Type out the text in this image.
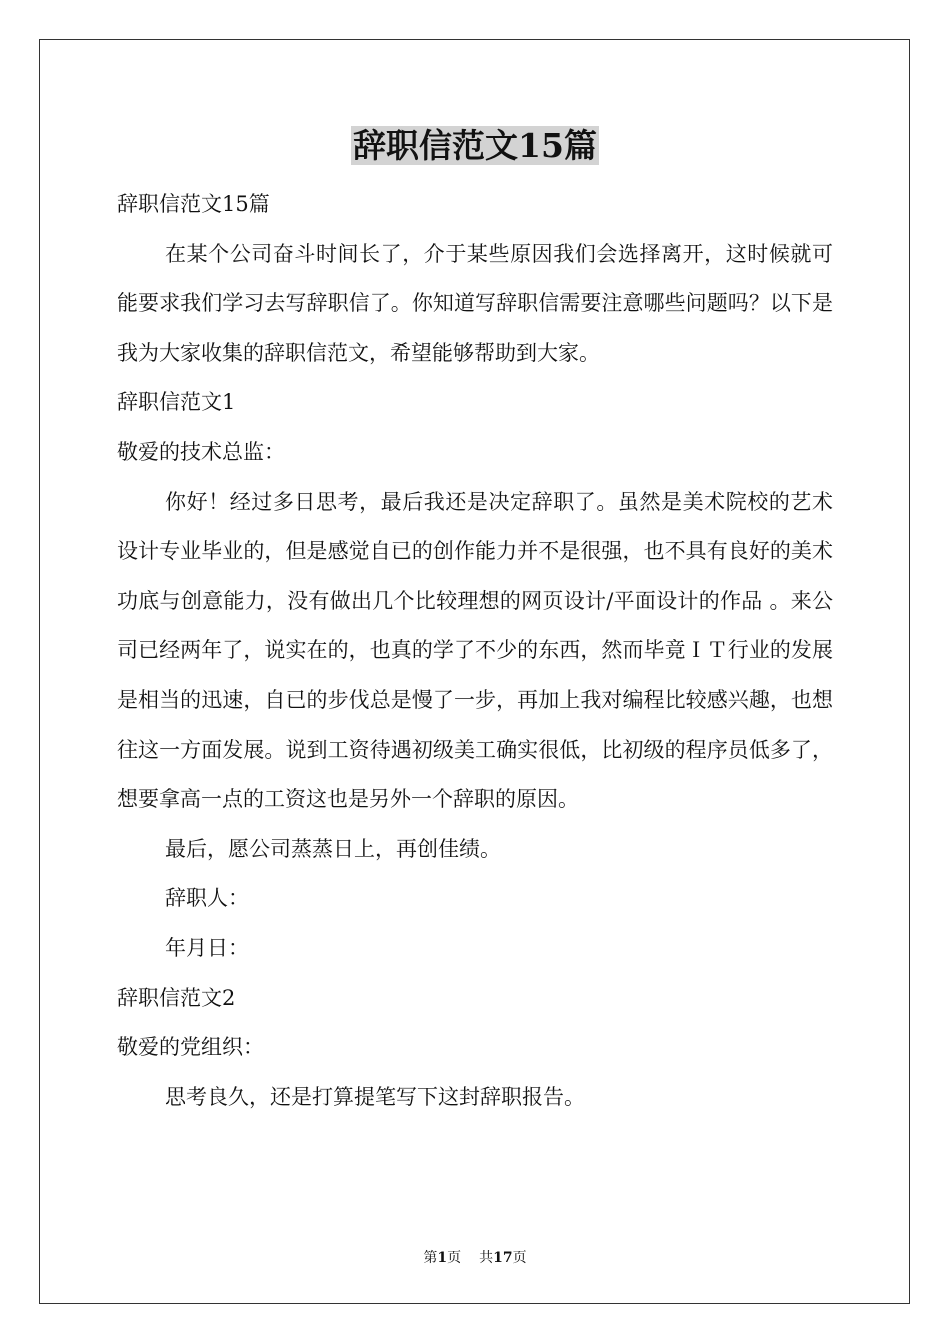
辞职信范文15篇

辞职信范文15篇

在某个公司奋斗时间长了，介于某些原因我们会选择离开，这时候就可能要求我们学习去写辞职信了。你知道写辞职信需要注意哪些问题吗？以下是我为大家收集的辞职信范文，希望能够帮助到大家。

辞职信范文1

敬爱的技术总监：

你好！经过多日思考，最后我还是决定辞职了。虽然是美术院校的艺术设计专业毕业的，但是感觉自已的创作能力并不是很强，也不具有良好的美术功底与创意能力，没有做出几个比较理想的网页设计/平面设计的作品 。来公司已经两年了，说实在的，也真的学了不少的东西，然而毕竟ＩＴ行业的发展是相当的迅速，自已的步伐总是慢了一步，再加上我对编程比较感兴趣，也想往这一方面发展。说到工资待遇初级美工确实很低，比初级的程序员低多了，想要拿高一点的工资这也是另外一个辞职的原因。

最后，愿公司蒸蒸日上，再创佳绩。

辞职人：

年月日：

辞职信范文2

敬爱的党组织：

思考良久，还是打算提笔写下这封辞职报告。

第1页 共17页
